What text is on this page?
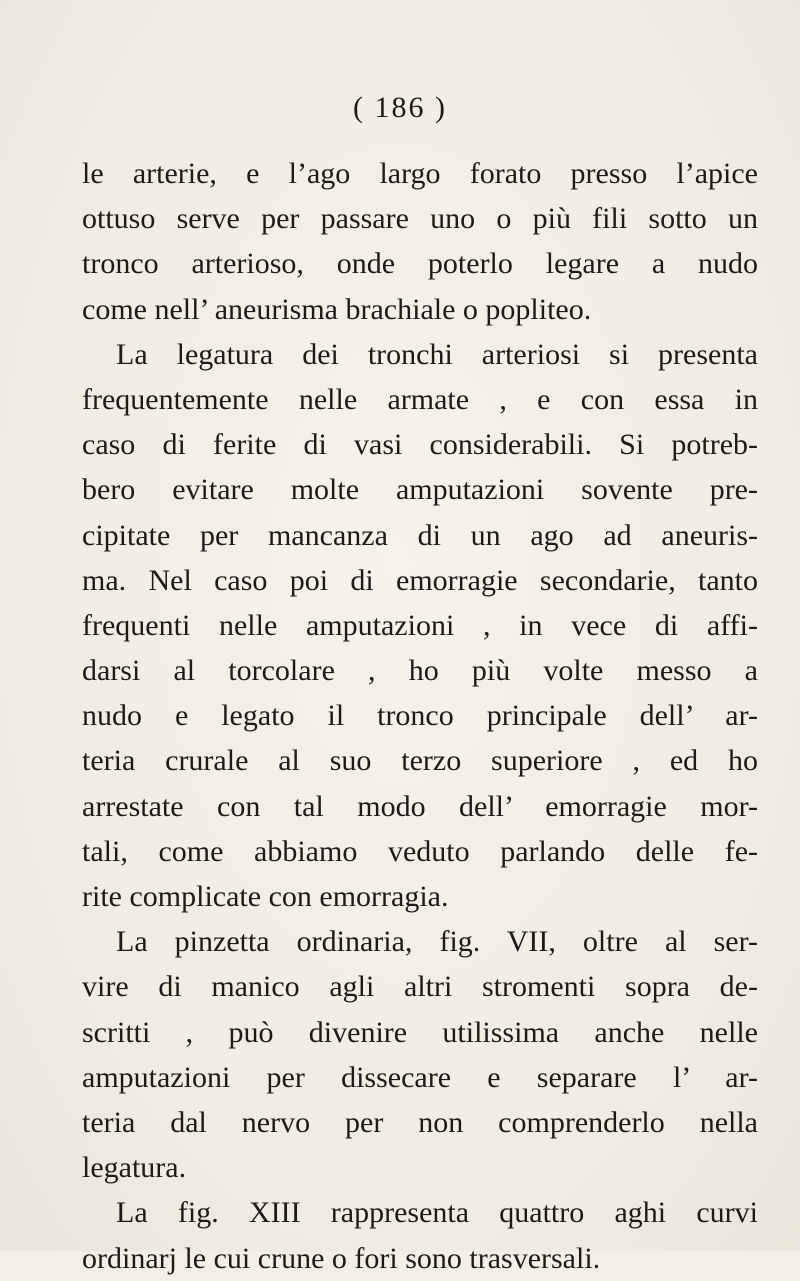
( 186 )
le arterie, e l’ago largo forato presso l’apice
ottuso serve per passare uno o più fili sotto un
tronco arterioso, onde poterlo legare a nudo
come nell’ aneurisma brachiale o popliteo.
La legatura dei tronchi arteriosi si presenta
frequentemente nelle armate , e con essa in
caso di ferite di vasi considerabili. Si potreb-
bero evitare molte amputazioni sovente pre-
cipitate per mancanza di un ago ad aneuris-
ma. Nel caso poi di emorragie secondarie, tanto
frequenti nelle amputazioni , in vece di affi-
darsi al torcolare , ho più volte messo a
nudo e legato il tronco principale dell’ ar-
teria crurale al suo terzo superiore , ed ho
arrestate con tal modo dell’ emorragie mor-
tali, come abbiamo veduto parlando delle fe-
rite complicate con emorragia.
La pinzetta ordinaria, fig. VII, oltre al ser-
vire di manico agli altri stromenti sopra de-
scritti , può divenire utilissima anche nelle
amputazioni per dissecare e separare l’ ar-
teria dal nervo per non comprenderlo nella
legatura.
La fig. XIII rappresenta quattro aghi curvi
ordinarj le cui crune o fori sono trasversali.
